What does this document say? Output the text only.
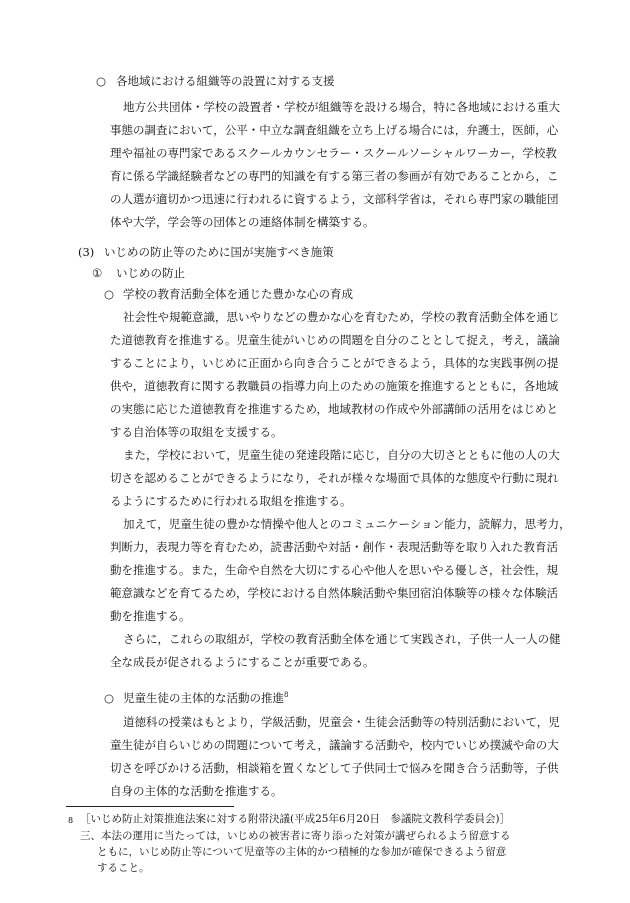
○ 各地域における組織等の設置に対する支援
地方公共団体・学校の設置者・学校が組織等を設ける場合，特に各地域における重大
事態の調査において，公平・中立な調査組織を立ち上げる場合には，弁護士，医師，心
理や福祉の専門家であるスクールカウンセラー・スクールソーシャルワーカー，学校教
育に係る学識経験者などの専門的知識を有する第三者の参画が有効であることから，こ
の人選が適切かつ迅速に行われるに資するよう，文部科学省は，それら専門家の職能団
体や大学，学会等の団体との連絡体制を構築する。
(3) いじめの防止等のために国が実施すべき施策
① いじめの防止
○ 学校の教育活動全体を通じた豊かな心の育成
社会性や規範意識，思いやりなどの豊かな心を育むため，学校の教育活動全体を通じ
た道徳教育を推進する。児童生徒がいじめの問題を自分のこととして捉え，考え，議論
することにより，いじめに正面から向き合うことができるよう，具体的な実践事例の提
供や，道徳教育に関する教職員の指導力向上のための施策を推進するとともに，各地域
の実態に応じた道徳教育を推進するため，地域教材の作成や外部講師の活用をはじめと
する自治体等の取組を支援する。
また，学校において，児童生徒の発達段階に応じ，自分の大切さとともに他の人の大
切さを認めることができるようになり，それが様々な場面で具体的な態度や行動に現れ
るようにするために行われる取組を推進する。
加えて，児童生徒の豊かな情操や他人とのコミュニケーション能力，読解力，思考力，
判断力，表現力等を育むため，読書活動や対話・創作・表現活動等を取り入れた教育活
動を推進する。また，生命や自然を大切にする心や他人を思いやる優しさ，社会性，規
範意識などを育てるため，学校における自然体験活動や集団宿泊体験等の様々な体験活
動を推進する。
さらに，これらの取組が，学校の教育活動全体を通じて実践され，子供一人一人の健
全な成長が促されるようにすることが重要である。
○ 児童生徒の主体的な活動の推進$^8$
道徳科の授業はもとより，学級活動，児童会・生徒会活動等の特別活動において，児
童生徒が自らいじめの問題について考え，議論する活動や，校内でいじめ撲滅や命の大
切さを呼びかける活動，相談箱を置くなどして子供同士で悩みを聞き合う活動等，子供
自身の主体的な活動を推進する。
8 ［いじめ防止対策推進法案に対する附帯決議(平成25年6月20日　参議院文教科学委員会)］
三、本法の運用に当たっては，いじめの被害者に寄り添った対策が講ぜられるよう留意する
ともに，いじめ防止等について児童等の主体的かつ積極的な参加が確保できるよう留意
すること。
